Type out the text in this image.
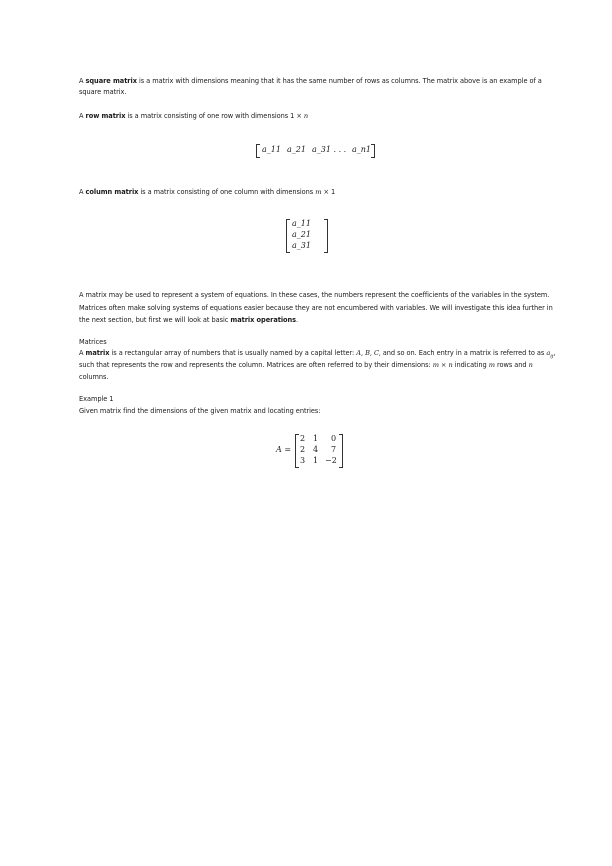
A square matrix is a matrix with dimensions meaning that it has the same number of rows as columns. The matrix above is an example of a

square matrix.

A row matrix is a matrix consisting of one row with dimensions 1 × n

a_11 a_21 a_31 . . . a_n1

A column matrix is a matrix consisting of one column with dimensions m × 1

a_11
a_21
a_31

A matrix may be used to represent a system of equations. In these cases, the numbers represent the coefficients of the variables in the system.

Matrices often make solving systems of equations easier because they are not encumbered with variables. We will investigate this idea further in

the next section, but first we will look at basic matrix operations.

Matrices

A matrix is a rectangular array of numbers that is usually named by a capital letter: A, B, C, and so on. Each entry in a matrix is referred to as $a_{ij}$,

such that represents the row and represents the column. Matrices are often referred to by their dimensions: m × n indicating m rows and n

columns.

Example 1

Given matrix find the dimensions of the given matrix and locating entries:

A =
2 1 0
2 4 7
3 1 −2
